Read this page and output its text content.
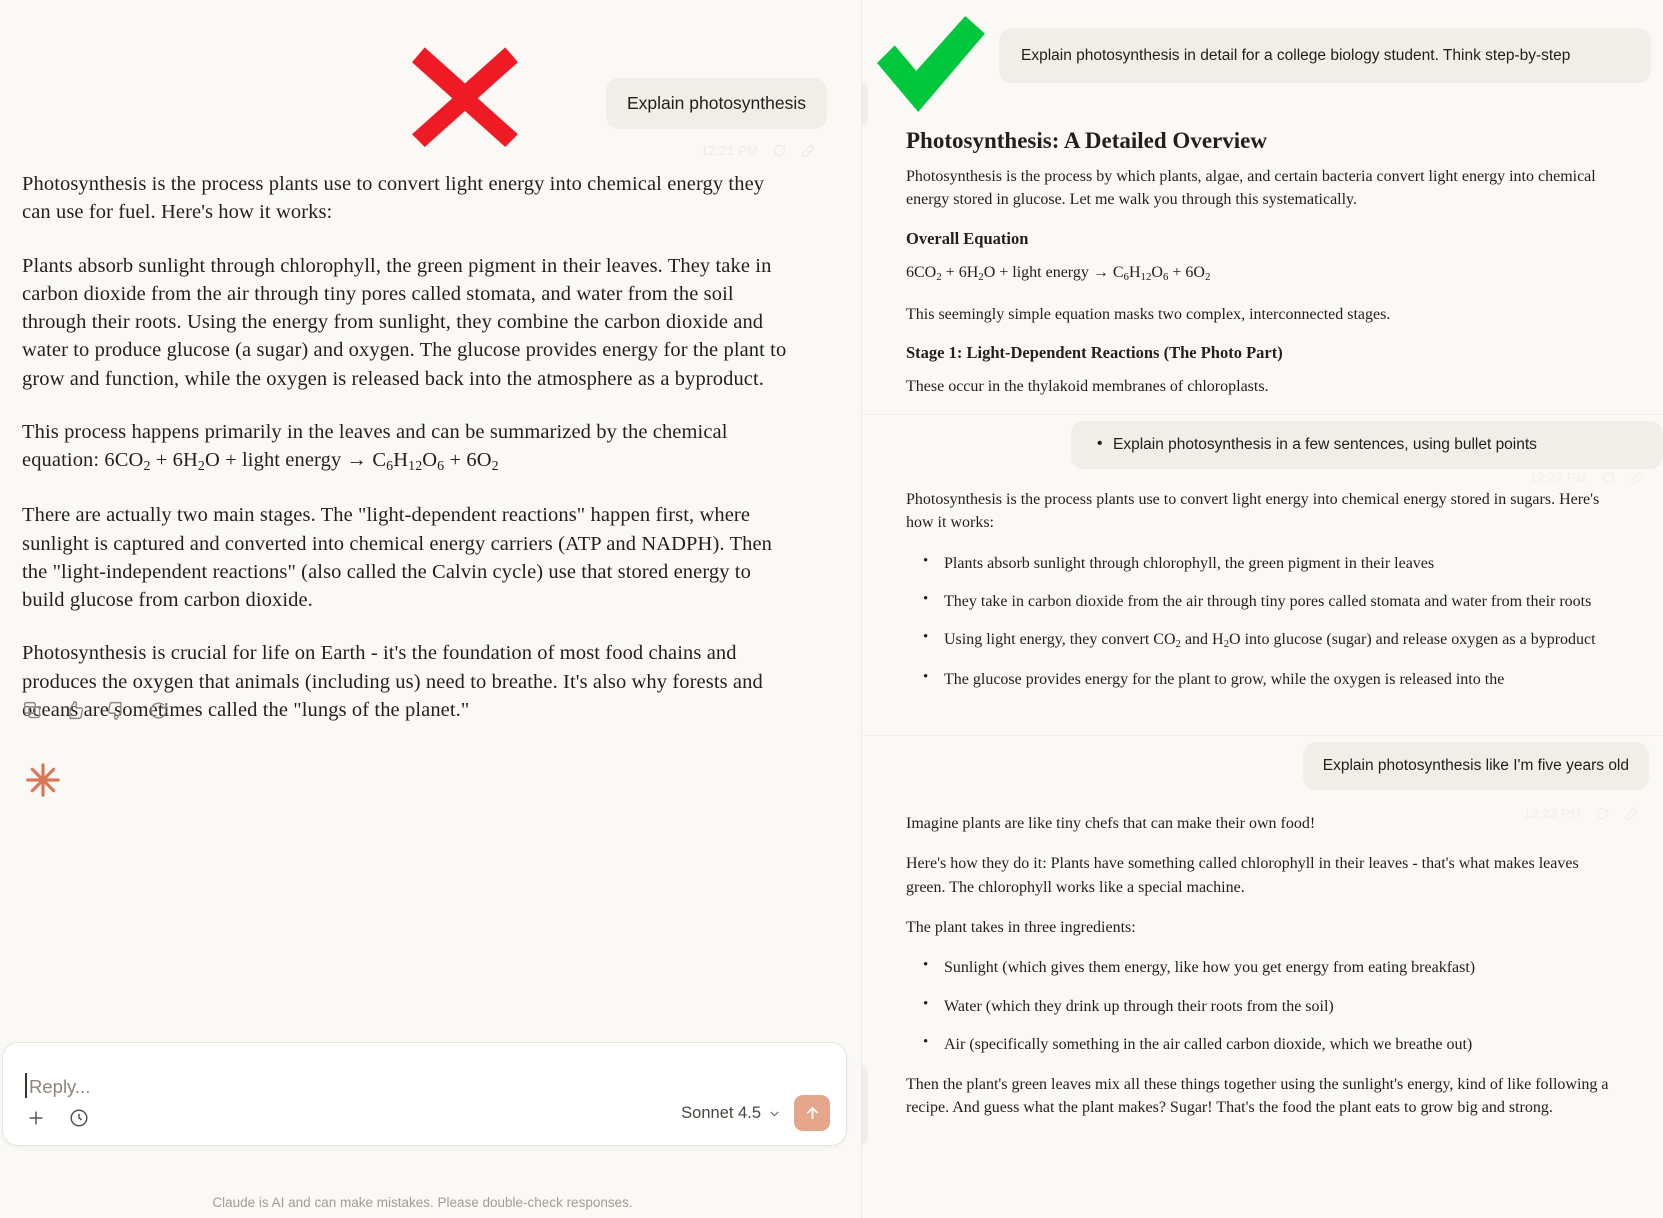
Explain photosynthesis
12:21 PM

Photosynthesis is the process plants use to convert light energy into chemical energy they can use for fuel. Here's how it works:

Plants absorb sunlight through chlorophyll, the green pigment in their leaves. They take in carbon dioxide from the air through tiny pores called stomata, and water from the soil through their roots. Using the energy from sunlight, they combine the carbon dioxide and water to produce glucose (a sugar) and oxygen. The glucose provides energy for the plant to grow and function, while the oxygen is released back into the atmosphere as a byproduct.

This process happens primarily in the leaves and can be summarized by the chemical equation: $6CO_2 + 6H_2O$ + light energy → $C_6H_{12}O_6 + 6O_2$

There are actually two main stages. The "light-dependent reactions" happen first, where sunlight is captured and converted into chemical energy carriers (ATP and NADPH). Then the "light-independent reactions" (also called the Calvin cycle) use that stored energy to build glucose from carbon dioxide.

Photosynthesis is crucial for life on Earth - it's the foundation of most food chains and produces the oxygen that animals (including us) need to breathe. It's also why forests and oceans are sometimes called the "lungs of the planet."

Reply...
Sonnet 4.5
Claude is AI and can make mistakes. Please double-check responses.
Explain photosynthesis in detail for a college biology student. Think step-by-step
Photosynthesis: A Detailed Overview

Photosynthesis is the process by which plants, algae, and certain bacteria convert light energy into chemical energy stored in glucose. Let me walk you through this systematically.

Overall Equation

$6CO_2 + 6H_2O$ + light energy → $C_6H_{12}O_6 + 6O_2$

This seemingly simple equation masks two complex, interconnected stages.

Stage 1: Light-Dependent Reactions (The Photo Part)

These occur in the thylakoid membranes of chloroplasts.

• Explain photosynthesis in a few sentences, using bullet points
12:22 PM

Photosynthesis is the process plants use to convert light energy into chemical energy stored in sugars. Here's how it works:

• Plants absorb sunlight through chlorophyll, the green pigment in their leaves
• They take in carbon dioxide from the air through tiny pores called stomata and water from their roots
• Using light energy, they convert $CO_2$ and $H_2O$ into glucose (sugar) and release oxygen as a byproduct
• The glucose provides energy for the plant to grow, while the oxygen is released into the
Explain photosynthesis like I'm five years old
12:23 PM

Imagine plants are like tiny chefs that can make their own food!

Here's how they do it: Plants have something called chlorophyll in their leaves - that's what makes leaves green. The chlorophyll works like a special machine.

The plant takes in three ingredients:

• Sunlight (which gives them energy, like how you get energy from eating breakfast)
• Water (which they drink up through their roots from the soil)
• Air (specifically something in the air called carbon dioxide, which we breathe out)

Then the plant's green leaves mix all these things together using the sunlight's energy, kind of like following a recipe. And guess what the plant makes? Sugar! That's the food the plant eats to grow big and strong.
